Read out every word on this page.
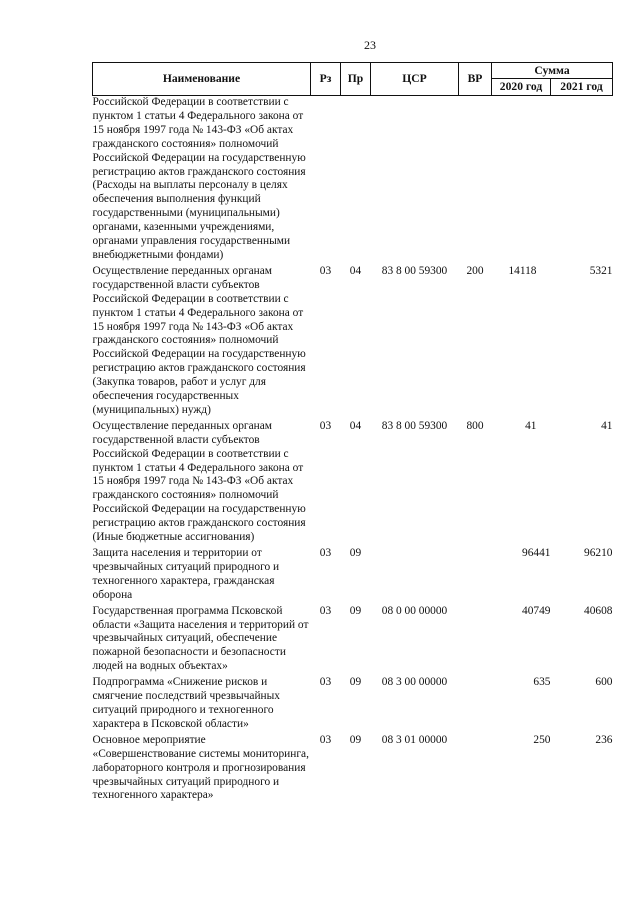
23
Наименование	Рз	Пр	ЦСР	ВР	Сумма	
					2020 год	2021 год
Российской Федерации в соответствии с пунктом 1 статьи 4 Федерального закона от 15 ноября 1997 года № 143-ФЗ «Об актах гражданского состояния» полномочий Российской Федерации на государственную регистрацию актов гражданского состояния (Расходы на выплаты персоналу в целях обеспечения выполнения функций государственными (муниципальными) органами, казенными учреждениями, органами управления государственными внебюджетными фондами)						
Осуществление переданных органам государственной власти субъектов Российской Федерации в соответствии с пунктом 1 статьи 4 Федерального закона от 15 ноября 1997 года № 143-ФЗ «Об актах гражданского состояния» полномочий Российской Федерации на государственную регистрацию актов гражданского состояния (Закупка товаров, работ и услуг для обеспечения государственных (муниципальных) нужд)	03	04	83 8 00 59300	200	14118	5321
Осуществление переданных органам государственной власти субъектов Российской Федерации в соответствии с пунктом 1 статьи 4 Федерального закона от 15 ноября 1997 года № 143-ФЗ «Об актах гражданского состояния» полномочий Российской Федерации на государственную регистрацию актов гражданского состояния (Иные бюджетные ассигнования)	03	04	83 8 00 59300	800	41	41
Защита населения и территории от чрезвычайных ситуаций природного и техногенного характера, гражданская оборона	03	09			96441	96210
Государственная программа Псковской области «Защита населения и территорий от чрезвычайных ситуаций, обеспечение пожарной безопасности и безопасности людей на водных объектах»	03	09	08 0 00 00000		40749	40608
Подпрограмма «Снижение рисков и смягчение последствий чрезвычайных ситуаций природного и техногенного характера в Псковской области»	03	09	08 3 00 00000		635	600
Основное мероприятие «Совершенствование системы мониторинга, лабораторного контроля и прогнозирования чрезвычайных ситуаций природного и техногенного характера»	03	09	08 3 01 00000		250	236
